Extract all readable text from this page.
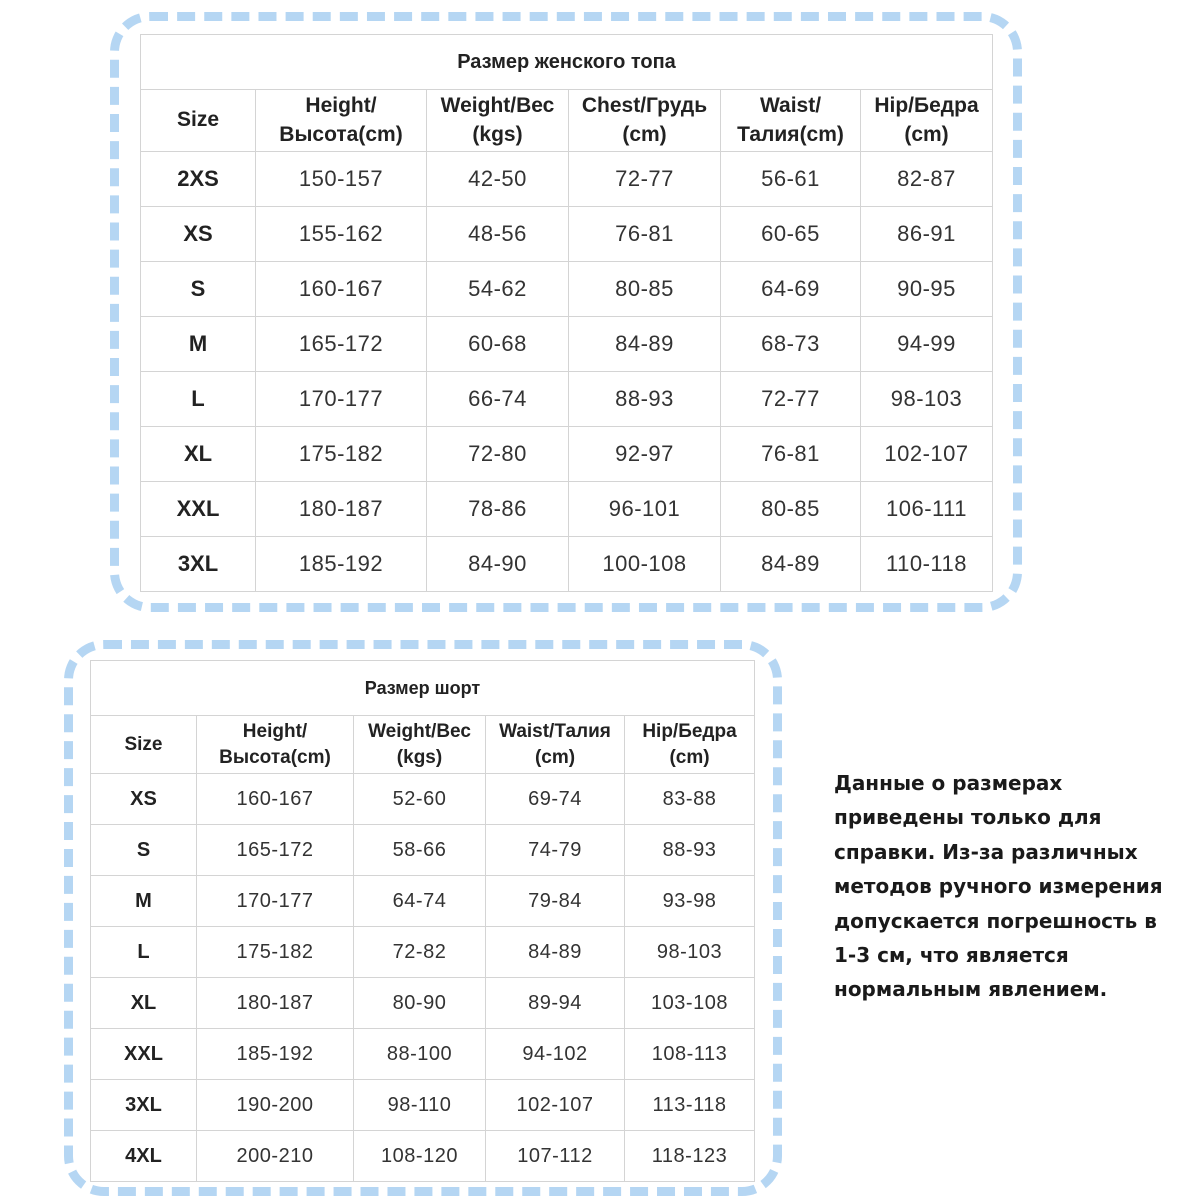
Размер женского топа					
Size	Height/Высота(cm)	Weight/Вес (kgs)	Chest/Грудь (cm)	Waist/Талия(cm)	Hip/Бедра (cm)
2XS	150-157	42-50	72-77	56-61	82-87
XS	155-162	48-56	76-81	60-65	86-91
S	160-167	54-62	80-85	64-69	90-95
M	165-172	60-68	84-89	68-73	94-99
L	170-177	66-74	88-93	72-77	98-103
XL	175-182	72-80	92-97	76-81	102-107
XXL	180-187	78-86	96-101	80-85	106-111
3XL	185-192	84-90	100-108	84-89	110-118
Размер шорт				
Size	Height/Высота(cm)	Weight/Вес (kgs)	Waist/Талия (cm)	Hip/Бедра (cm)
XS	160-167	52-60	69-74	83-88
S	165-172	58-66	74-79	88-93
M	170-177	64-74	79-84	93-98
L	175-182	72-82	84-89	98-103
XL	180-187	80-90	89-94	103-108
XXL	185-192	88-100	94-102	108-113
3XL	190-200	98-110	102-107	113-118
4XL	200-210	108-120	107-112	118-123

Данные о размерах приведены только для справки. Из-за различных методов ручного измерения допускается погрешность в 1-3 см, что является нормальным явлением.
